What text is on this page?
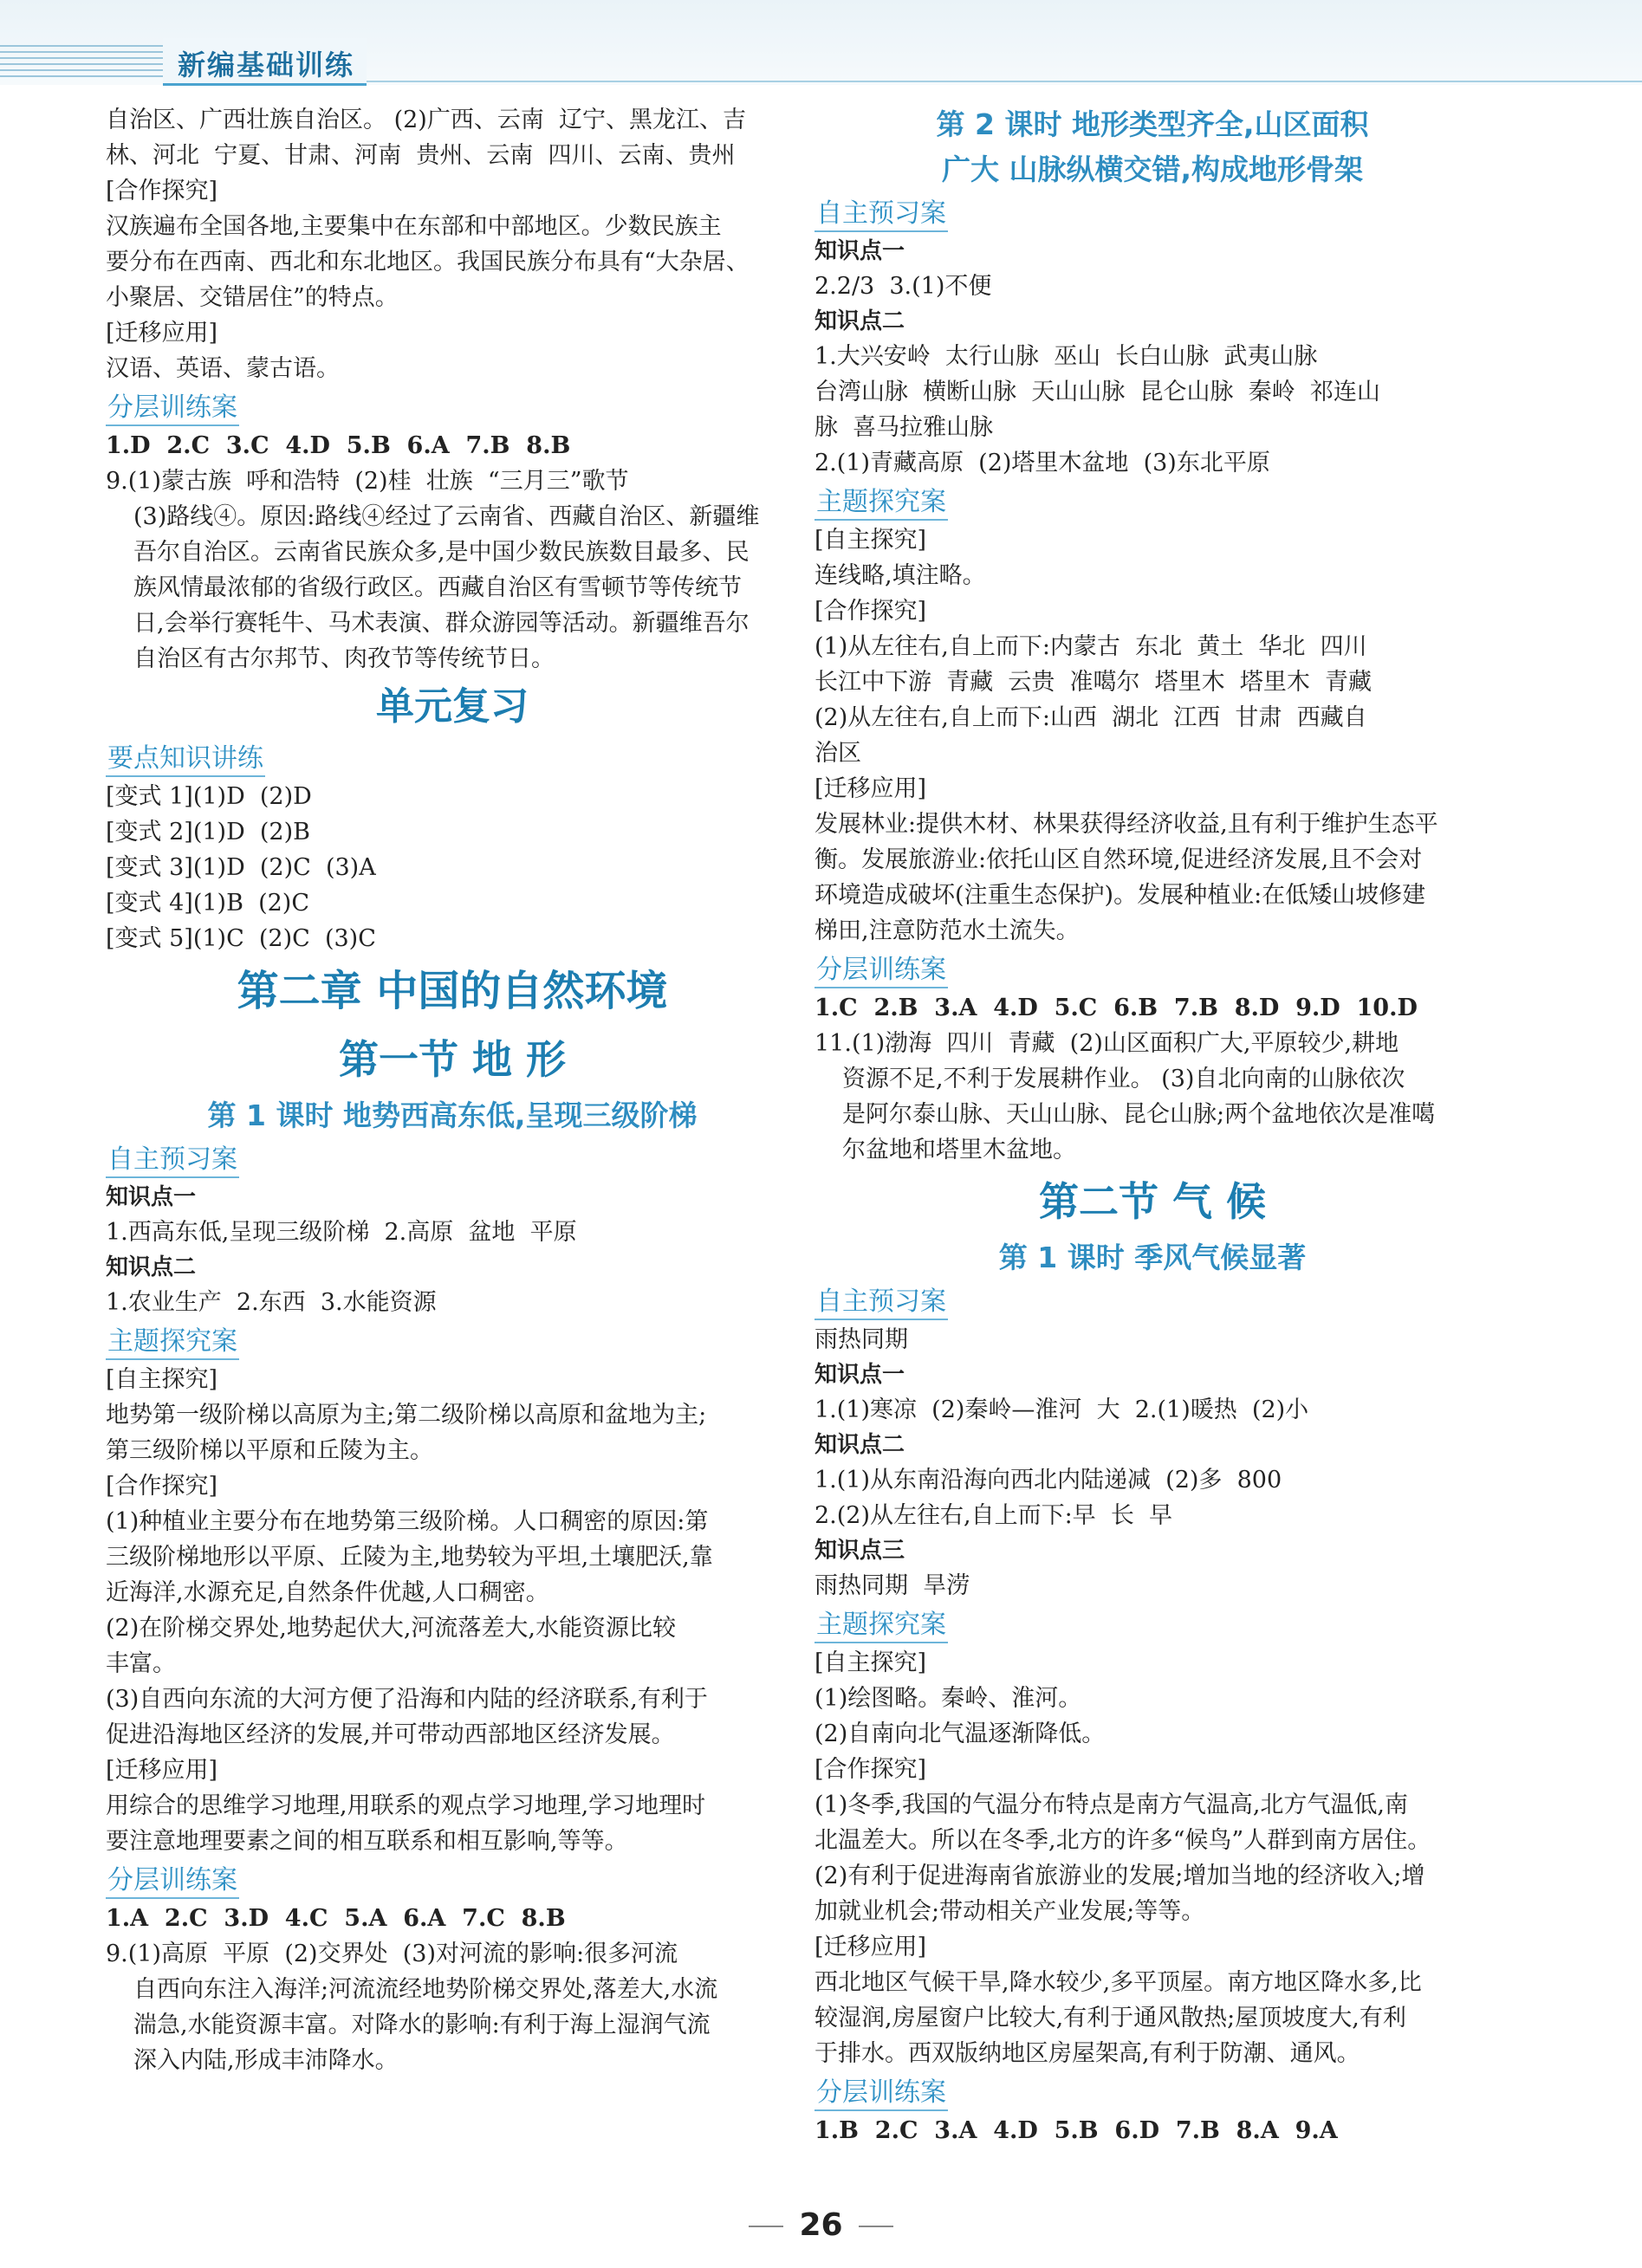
新编基础训练
自治区、广西壮族自治区。 (2)广西、云南  辽宁、黑龙江、吉
林、河北  宁夏、甘肃、河南  贵州、云南  四川、云南、贵州
[合作探究]
汉族遍布全国各地,主要集中在东部和中部地区。少数民族主
要分布在西南、西北和东北地区。我国民族分布具有“大杂居、
小聚居、交错居住”的特点。
[迁移应用]
汉语、英语、蒙古语。
分层训练案
1.D  2.C  3.C  4.D  5.B  6.A  7.B  8.B
9.(1)蒙古族  呼和浩特  (2)桂  壮族  “三月三”歌节
(3)路线④。原因:路线④经过了云南省、西藏自治区、新疆维
吾尔自治区。云南省民族众多,是中国少数民族数目最多、民
族风情最浓郁的省级行政区。西藏自治区有雪顿节等传统节
日,会举行赛牦牛、马术表演、群众游园等活动。新疆维吾尔
自治区有古尔邦节、肉孜节等传统节日。
单元复习
要点知识讲练
[变式 1](1)D  (2)D
[变式 2](1)D  (2)B
[变式 3](1)D  (2)C  (3)A
[变式 4](1)B  (2)C
[变式 5](1)C  (2)C  (3)C
第二章 中国的自然环境
第一节 地 形
第 1 课时 地势西高东低,呈现三级阶梯
自主预习案
知识点一
1.西高东低,呈现三级阶梯  2.高原  盆地  平原
知识点二
1.农业生产  2.东西  3.水能资源
主题探究案
[自主探究]
地势第一级阶梯以高原为主;第二级阶梯以高原和盆地为主;
第三级阶梯以平原和丘陵为主。
[合作探究]
(1)种植业主要分布在地势第三级阶梯。人口稠密的原因:第
三级阶梯地形以平原、丘陵为主,地势较为平坦,土壤肥沃,靠
近海洋,水源充足,自然条件优越,人口稠密。
(2)在阶梯交界处,地势起伏大,河流落差大,水能资源比较
丰富。
(3)自西向东流的大河方便了沿海和内陆的经济联系,有利于
促进沿海地区经济的发展,并可带动西部地区经济发展。
[迁移应用]
用综合的思维学习地理,用联系的观点学习地理,学习地理时
要注意地理要素之间的相互联系和相互影响,等等。
分层训练案
1.A  2.C  3.D  4.C  5.A  6.A  7.C  8.B
9.(1)高原  平原  (2)交界处  (3)对河流的影响:很多河流
自西向东注入海洋;河流流经地势阶梯交界处,落差大,水流
湍急,水能资源丰富。对降水的影响:有利于海上湿润气流
深入内陆,形成丰沛降水。
第 2 课时 地形类型齐全,山区面积
广大 山脉纵横交错,构成地形骨架
自主预习案
知识点一
2.2/3  3.(1)不便
知识点二
1.大兴安岭  太行山脉  巫山  长白山脉  武夷山脉
台湾山脉  横断山脉  天山山脉  昆仑山脉  秦岭  祁连山
脉  喜马拉雅山脉
2.(1)青藏高原  (2)塔里木盆地  (3)东北平原
主题探究案
[自主探究]
连线略,填注略。
[合作探究]
(1)从左往右,自上而下:内蒙古  东北  黄土  华北  四川
长江中下游  青藏  云贵  准噶尔  塔里木  塔里木  青藏
(2)从左往右,自上而下:山西  湖北  江西  甘肃  西藏自
治区
[迁移应用]
发展林业:提供木材、林果获得经济收益,且有利于维护生态平
衡。发展旅游业:依托山区自然环境,促进经济发展,且不会对
环境造成破坏(注重生态保护)。发展种植业:在低矮山坡修建
梯田,注意防范水土流失。
分层训练案
1.C  2.B  3.A  4.D  5.C  6.B  7.B  8.D  9.D  10.D
11.(1)渤海  四川  青藏  (2)山区面积广大,平原较少,耕地
资源不足,不利于发展耕作业。 (3)自北向南的山脉依次
是阿尔泰山脉、天山山脉、昆仑山脉;两个盆地依次是准噶
尔盆地和塔里木盆地。
第二节 气 候
第 1 课时 季风气候显著
自主预习案
雨热同期
知识点一
1.(1)寒凉  (2)秦岭—淮河  大  2.(1)暖热  (2)小
知识点二
1.(1)从东南沿海向西北内陆递减  (2)多  800
2.(2)从左往右,自上而下:早  长  早
知识点三
雨热同期  旱涝
主题探究案
[自主探究]
(1)绘图略。秦岭、淮河。
(2)自南向北气温逐渐降低。
[合作探究]
(1)冬季,我国的气温分布特点是南方气温高,北方气温低,南
北温差大。所以在冬季,北方的许多“候鸟”人群到南方居住。
(2)有利于促进海南省旅游业的发展;增加当地的经济收入;增
加就业机会;带动相关产业发展;等等。
[迁移应用]
西北地区气候干旱,降水较少,多平顶屋。南方地区降水多,比
较湿润,房屋窗户比较大,有利于通风散热;屋顶坡度大,有利
于排水。西双版纳地区房屋架高,有利于防潮、通风。
分层训练案
1.B  2.C  3.A  4.D  5.B  6.D  7.B  8.A  9.A
26
